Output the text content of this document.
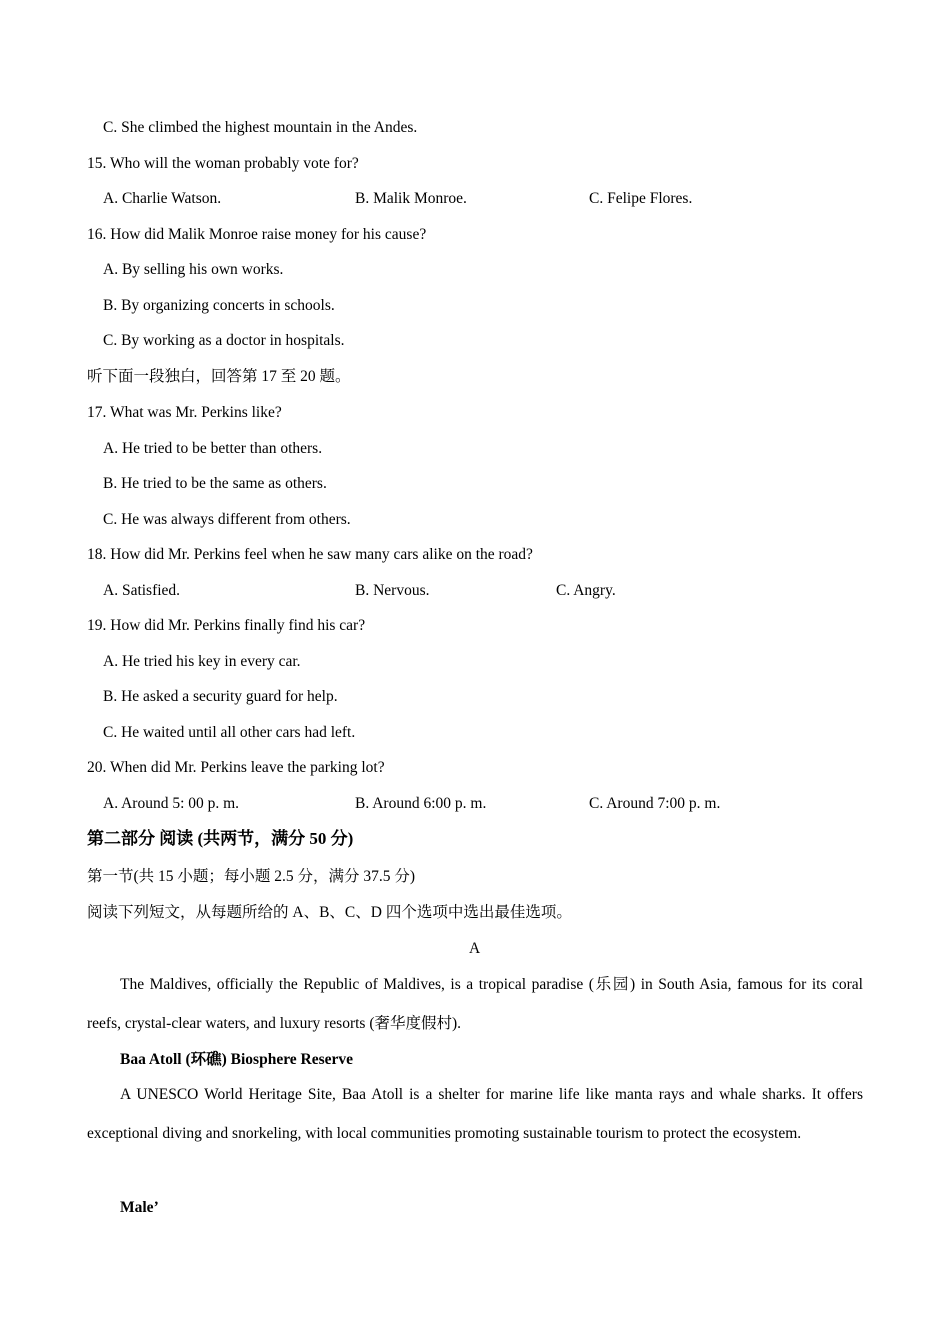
C. She climbed the highest mountain in the Andes.
15. Who will the woman probably vote for?
A. Charlie Watson.	B. Malik Monroe.	C. Felipe Flores.
16. How did Malik Monroe raise money for his cause?
A. By selling his own works.
B. By organizing concerts in schools.
C. By working as a doctor in hospitals.
听下面一段独白，回答第 17 至 20 题。
17. What was Mr. Perkins like?
A. He tried to be better than others.
B. He tried to be the same as others.
C. He was always different from others.
18. How did Mr. Perkins feel when he saw many cars alike on the road?
A. Satisfied.	B. Nervous.	C. Angry.
19. How did Mr. Perkins finally find his car?
A. He tried his key in every car.
B. He asked a security guard for help.
C. He waited until all other cars had left.
20. When did Mr. Perkins leave the parking lot?
A. Around 5: 00 p. m.	B. Around 6:00 p. m.	C. Around 7:00 p. m.
第二部分 阅读 (共两节，满分 50 分)
第一节(共 15 小题；每小题 2.5 分，满分 37.5 分)
阅读下列短文，从每题所给的 A、B、C、D 四个选项中选出最佳选项。
A
The Maldives, officially the Republic of Maldives, is a tropical paradise (乐园) in South Asia, famous for its coral reefs, crystal-clear waters, and luxury resorts (奢华度假村).
Baa Atoll (环礁) Biosphere Reserve
A UNESCO World Heritage Site, Baa Atoll is a shelter for marine life like manta rays and whale sharks. It offers exceptional diving and snorkeling, with local communities promoting sustainable tourism to protect the ecosystem.
Male’
